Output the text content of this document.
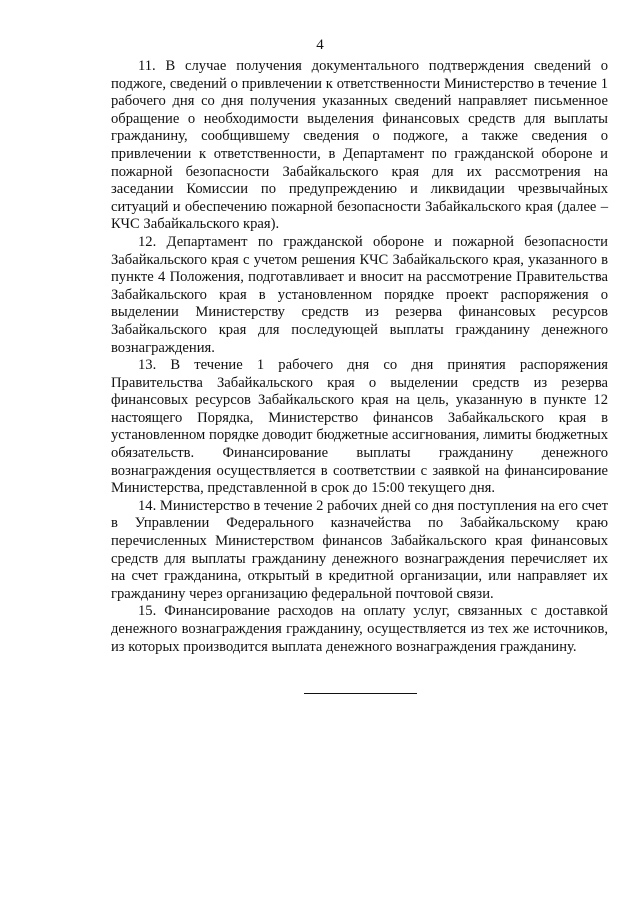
4

11. В случае получения документального подтверждения сведений о поджоге, сведений о привлечении к ответственности Министерство в течение 1 рабочего дня со дня получения указанных сведений направляет письменное обращение о необходимости выделения финансовых средств для выплаты гражданину, сообщившему сведения о поджоге, а также сведения о привлечении к ответственности, в Департамент по гражданской обороне и пожарной безопасности Забайкальского края для их рассмотрения на заседании Комиссии по предупреждению и ликвидации чрезвычайных ситуаций и обеспечению пожарной безопасности Забайкальского края (далее – КЧС Забайкальского края).

12. Департамент по гражданской обороне и пожарной безопасности Забайкальского края с учетом решения КЧС Забайкальского края, указанного в пункте 4 Положения, подготавливает и вносит на рассмотрение Правительства Забайкальского края в установленном порядке проект распоряжения о выделении Министерству средств из резерва финансовых ресурсов Забайкальского края для последующей выплаты гражданину денежного вознаграждения.

13. В течение 1 рабочего дня со дня принятия распоряжения Правительства Забайкальского края о выделении средств из резерва финансовых ресурсов Забайкальского края на цель, указанную в пункте 12 настоящего Порядка, Министерство финансов Забайкальского края в установленном порядке доводит бюджетные ассигнования, лимиты бюджетных обязательств. Финансирование выплаты гражданину денежного вознаграждения осуществляется в соответствии с заявкой на финансирование Министерства, представленной в срок до 15:00 текущего дня.

14. Министерство в течение 2 рабочих дней со дня поступления на его счет в Управлении Федерального казначейства по Забайкальскому краю перечисленных Министерством финансов Забайкальского края финансовых средств для выплаты гражданину денежного вознаграждения перечисляет их на счет гражданина, открытый в кредитной организации, или направляет их гражданину через организацию федеральной почтовой связи.

15. Финансирование расходов на оплату услуг, связанных с доставкой денежного вознаграждения гражданину, осуществляется из тех же источников, из которых производится выплата денежного вознаграждения гражданину.
